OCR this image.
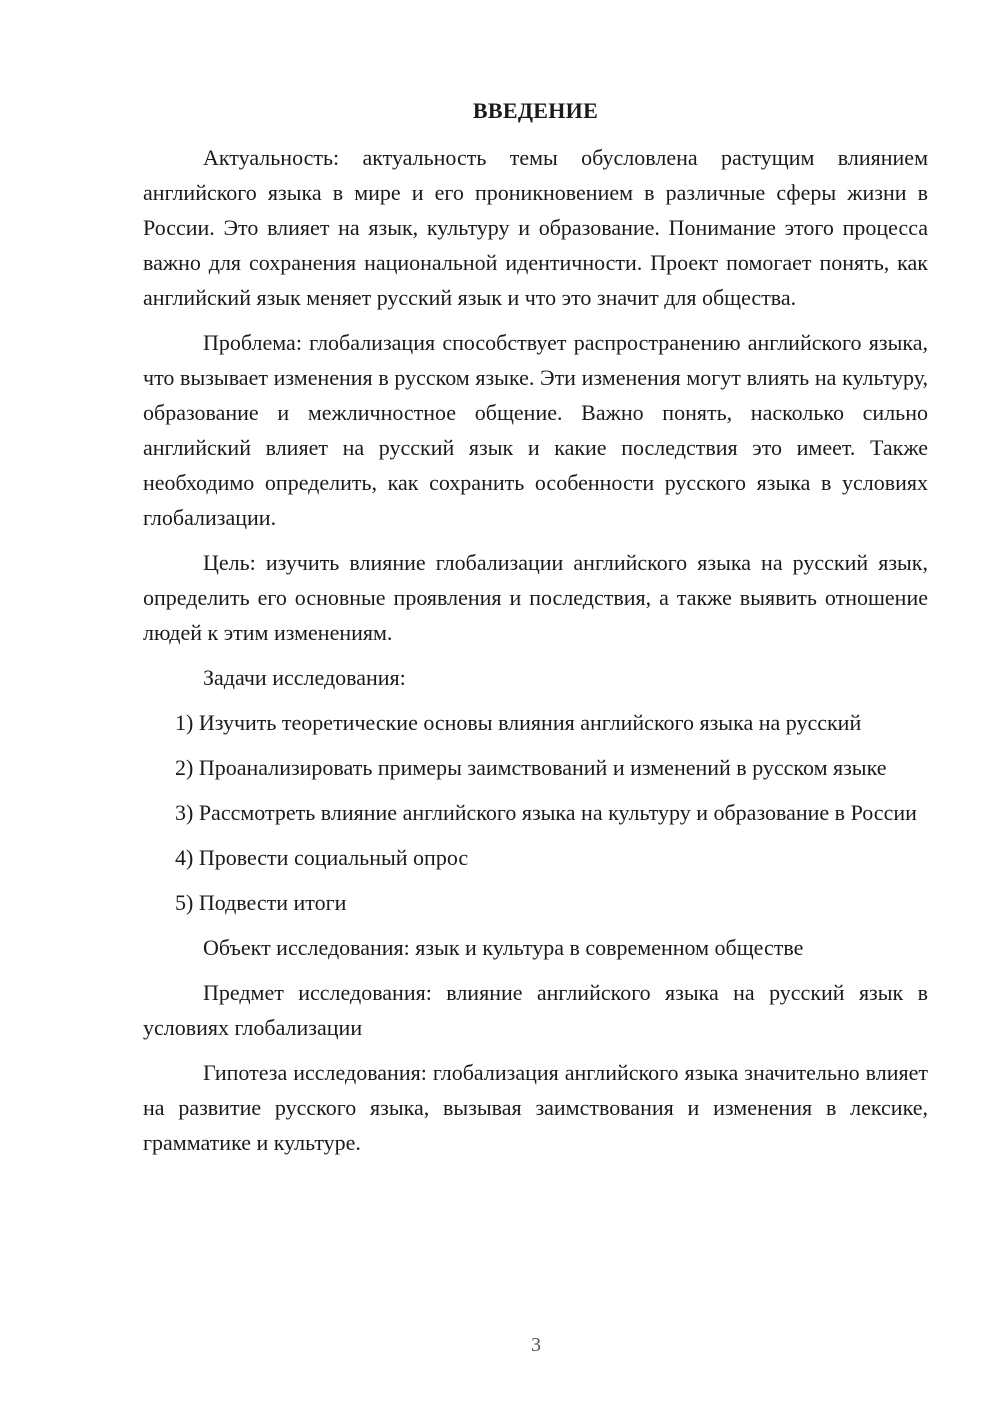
ВВЕДЕНИЕ

Актуальность: актуальность темы обусловлена растущим влиянием английского языка в мире и его проникновением в различные сферы жизни в России. Это влияет на язык, культуру и образование. Понимание этого процесса важно для сохранения национальной идентичности. Проект помогает понять, как английский язык меняет русский язык и что это значит для общества.

Проблема: глобализация способствует распространению английского языка, что вызывает изменения в русском языке. Эти изменения могут влиять на культуру, образование и межличностное общение. Важно понять, насколько сильно английский влияет на русский язык и какие последствия это имеет. Также необходимо определить, как сохранить особенности русского языка в условиях глобализации.

Цель: изучить влияние глобализации английского языка на русский язык, определить его основные проявления и последствия, а также выявить отношение людей к этим изменениям.

Задачи исследования:

1) Изучить теоретические основы влияния английского языка на русский

2) Проанализировать примеры заимствований и изменений в русском языке

3) Рассмотреть влияние английского языка на культуру и образование в России

4) Провести социальный опрос

5) Подвести итоги

Объект исследования: язык и культура в современном обществе

Предмет исследования: влияние английского языка на русский язык в условиях глобализации

Гипотеза исследования: глобализация английского языка значительно влияет на развитие русского языка, вызывая заимствования и изменения в лексике, грамматике и культуре.

3
